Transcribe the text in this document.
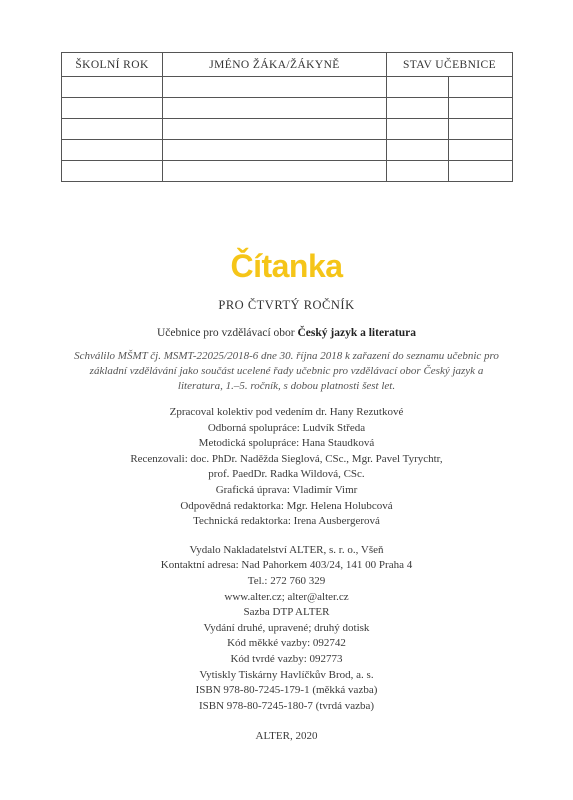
ŠKOLNÍ ROK	JMÉNO ŽÁKA/ŽÁKYNĚ	STAV UČEBNICE	

Čítanka
PRO ČTVRTÝ ROČNÍK
Učebnice pro vzdělávací obor Český jazyk a literatura
Schválilo MŠMT čj. MSMT-22025/2018-6 dne 30. října 2018 k zařazení do seznamu učebnic pro základní vzdělávání jako součást ucelené řady učebnic pro vzdělávací obor Český jazyk a literatura, 1.–5. ročník, s dobou platnosti šest let.
Zpracoval kolektiv pod vedením dr. Hany Rezutkové
Odborná spolupráce: Ludvík Středa
Metodická spolupráce: Hana Staudková
Recenzovali: doc. PhDr. Naděžda Sieglová, CSc., Mgr. Pavel Tyrychtr,
prof. PaedDr. Radka Wildová, CSc.
Grafická úprava: Vladimír Vimr
Odpovědná redaktorka: Mgr. Helena Holubcová
Technická redaktorka: Irena Ausbergerová
Vydalo Nakladatelství ALTER, s. r. o., Všeň
Kontaktní adresa: Nad Pahorkem 403/24, 141 00 Praha 4
Tel.: 272 760 329
www.alter.cz; alter@alter.cz
Sazba DTP ALTER
Vydání druhé, upravené; druhý dotisk
Kód měkké vazby: 092742
Kód tvrdé vazby: 092773
Vytiskly Tiskárny Havlíčkův Brod, a. s.
ISBN 978-80-7245-179-1 (měkká vazba)
ISBN 978-80-7245-180-7 (tvrdá vazba)
ALTER, 2020
